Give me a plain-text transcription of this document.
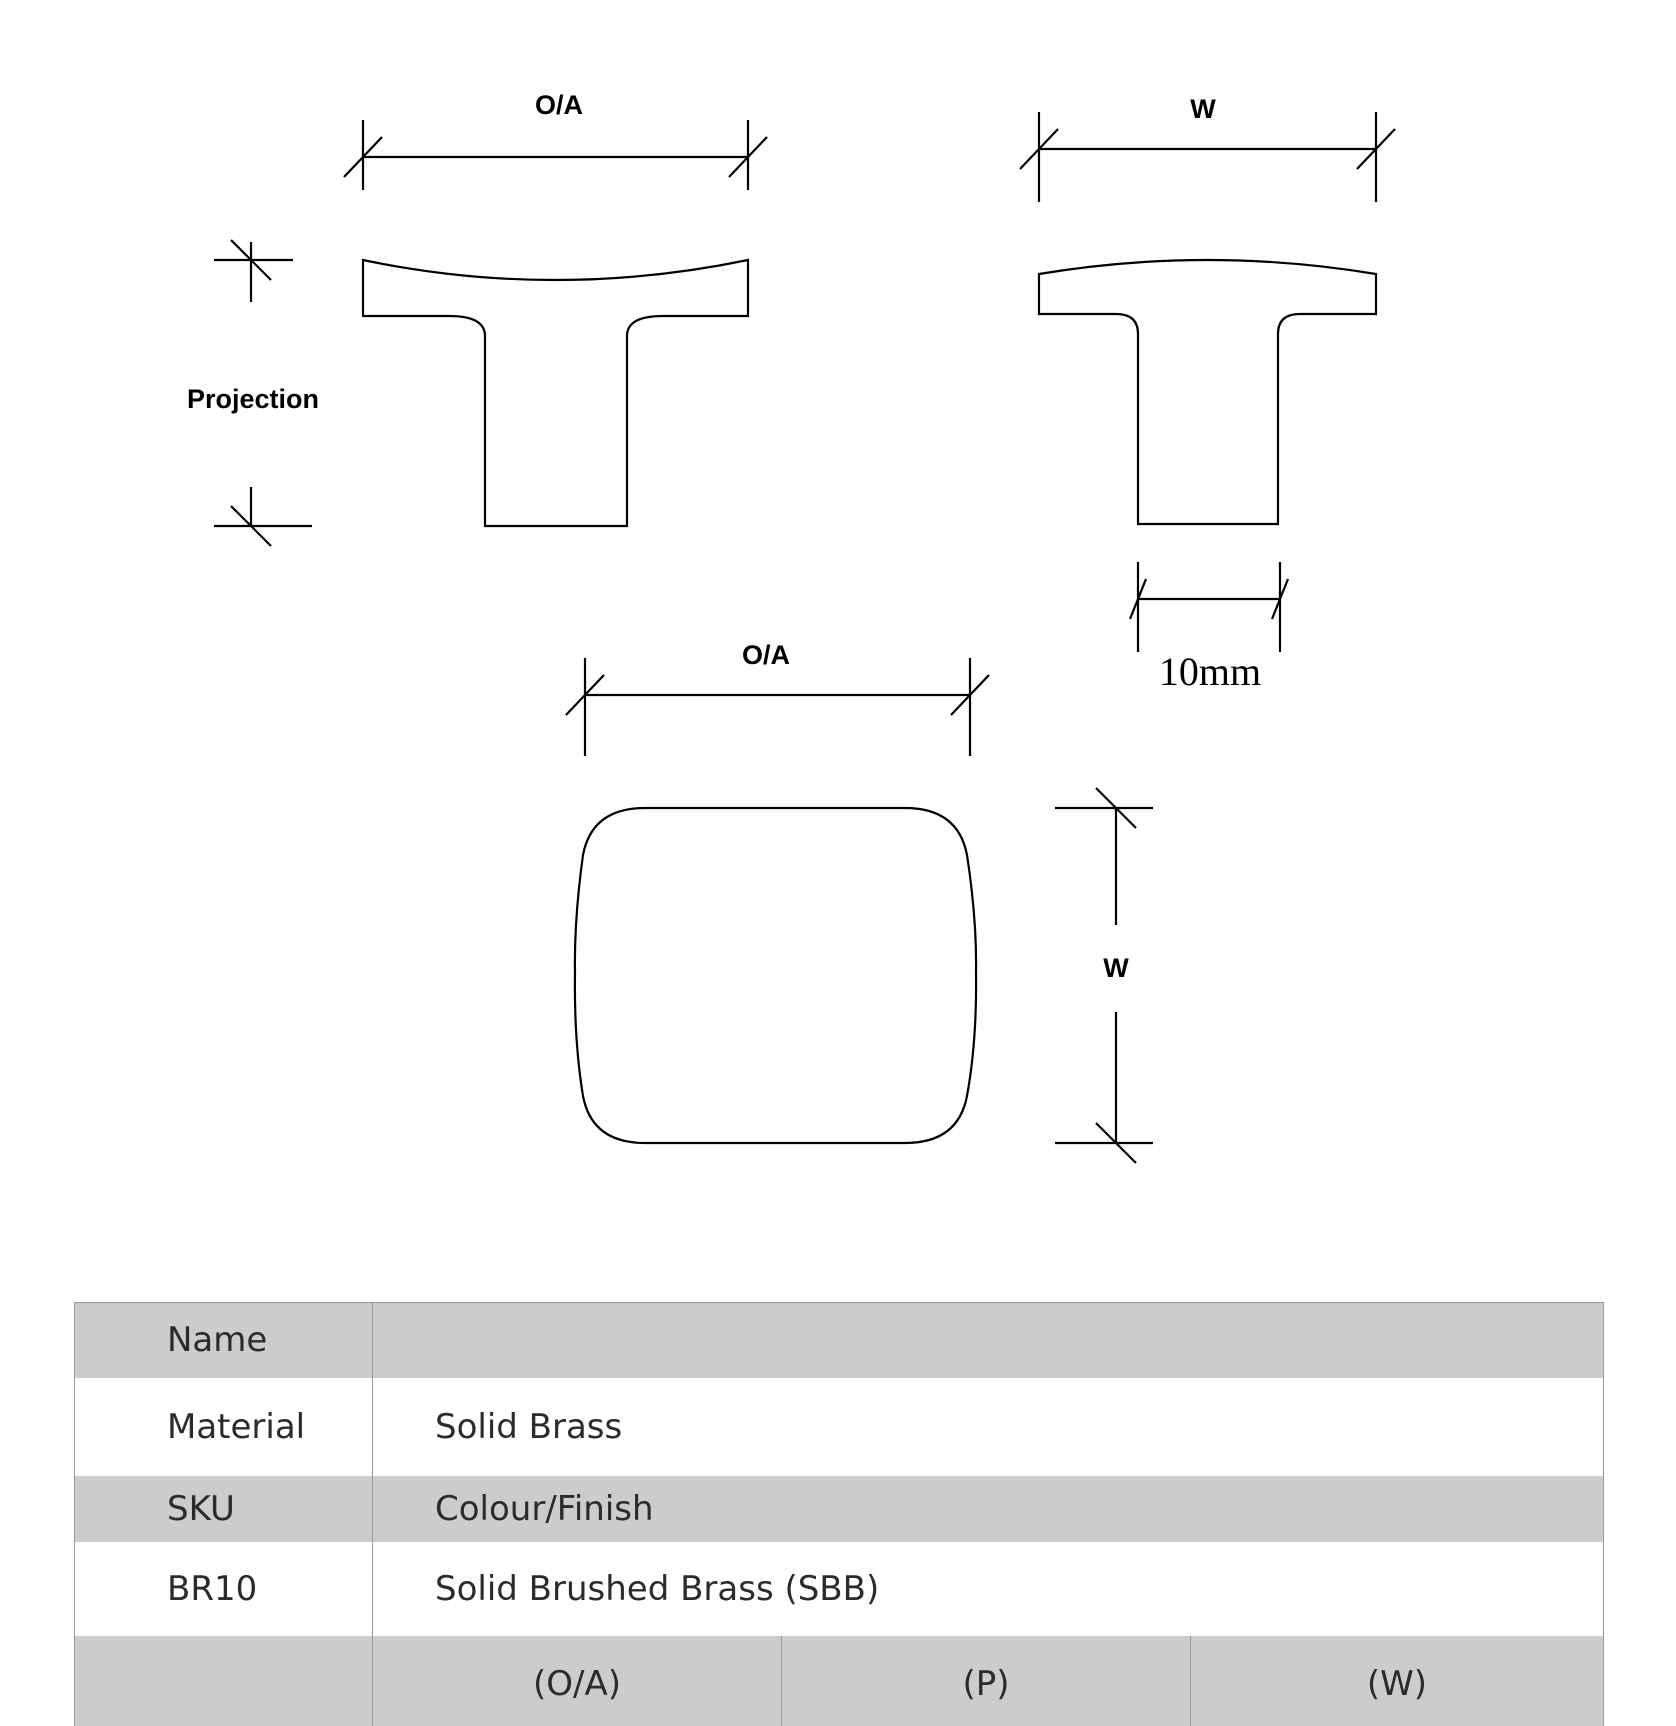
O/A
Projection
W
10mm
O/A
W
Name			
Material	Solid Brass		
SKU	Colour/Finish		
BR10	Solid Brushed Brass (SBB)		
	(O/A)	(P)	(W)
